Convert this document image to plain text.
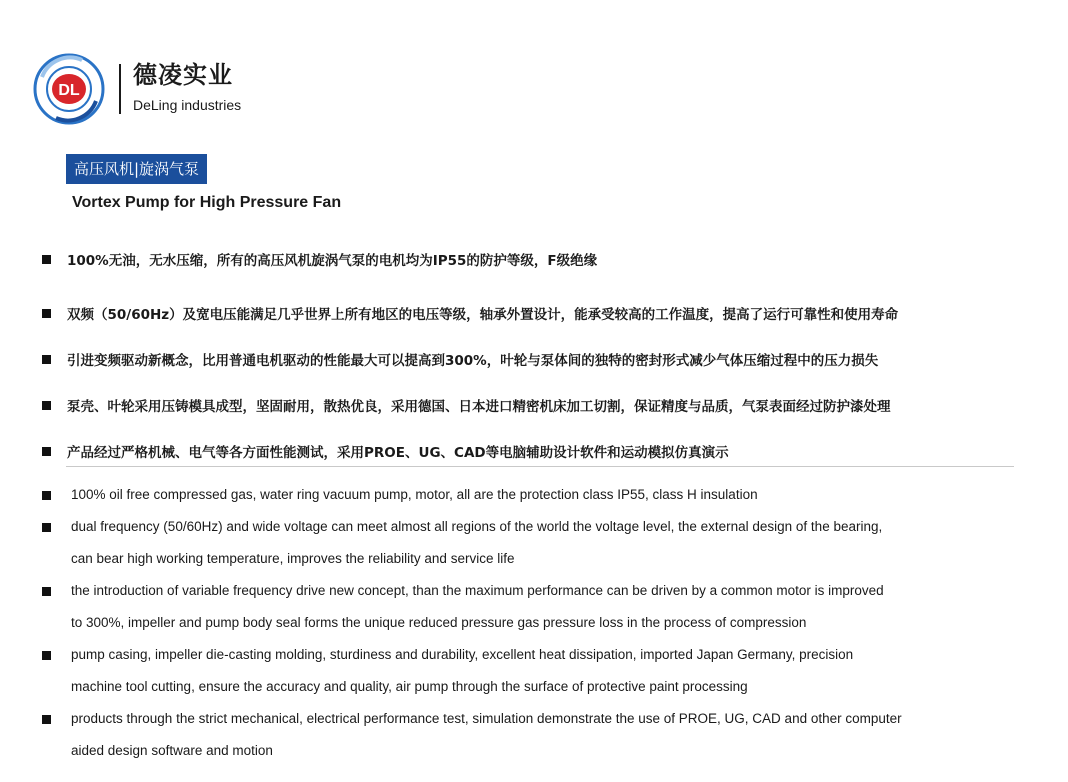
DL
德凌实业
DeLing industries
高压风机|旋涡气泵
Vortex Pump for High Pressure Fan
100%无油，无水压缩，所有的高压风机旋涡气泵的电机均为IP55的防护等级，F级绝缘
双频（50/60Hz）及宽电压能满足几乎世界上所有地区的电压等级，轴承外置设计，能承受较高的工作温度，提高了运行可靠性和使用寿命
引进变频驱动新概念，比用普通电机驱动的性能最大可以提高到300%，叶轮与泵体间的独特的密封形式减少气体压缩过程中的压力损失
泵壳、叶轮采用压铸模具成型，坚固耐用，散热优良，采用德国、日本进口精密机床加工切割，保证精度与品质，气泵表面经过防护漆处理
产品经过严格机械、电气等各方面性能测试，采用PROE、UG、CAD等电脑辅助设计软件和运动模拟仿真演示
100% oil free compressed gas, water ring vacuum pump, motor, all are the protection class IP55, class H insulation
dual frequency (50/60Hz) and wide voltage can meet almost all regions of the world the voltage level, the external design of the bearing,
can bear high working temperature, improves the reliability and service life
the introduction of variable frequency drive new concept, than the maximum performance can be driven by a common motor is improved
to 300%, impeller and pump body seal forms the unique reduced pressure gas pressure loss in the process of compression
pump casing, impeller die-casting molding, sturdiness and durability, excellent heat dissipation, imported Japan Germany, precision
machine tool cutting, ensure the accuracy and quality, air pump through the surface of protective paint processing
products through the strict mechanical, electrical performance test, simulation demonstrate the use of PROE, UG, CAD and other computer
aided design software and motion
